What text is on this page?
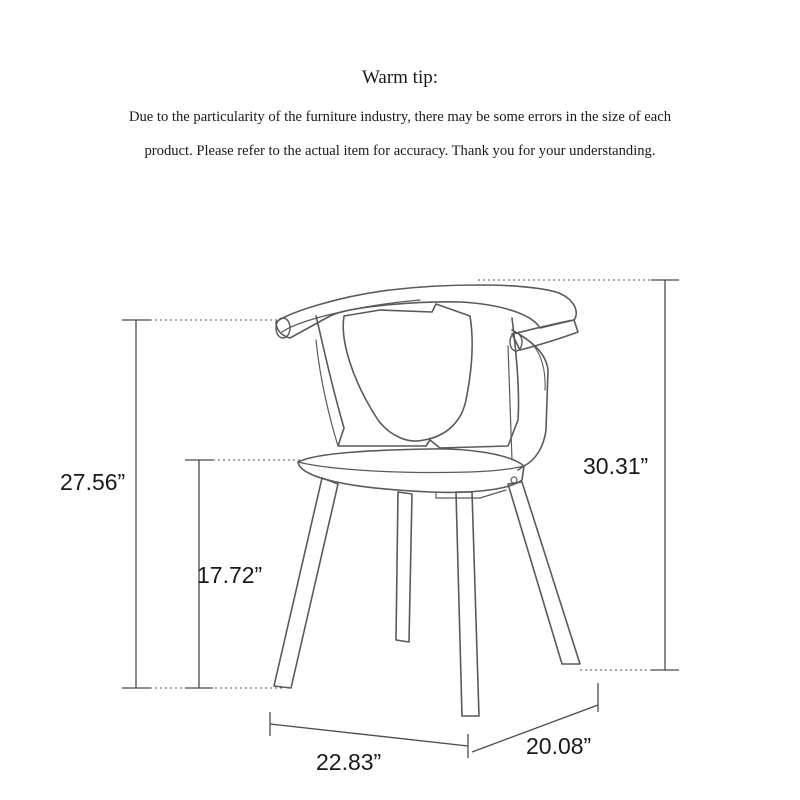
Warm tip:
Due to the particularity of the furniture industry, there may be some errors in the size of each
product. Please refer to the actual item for accuracy. Thank you for your understanding.
27.56”
17.72”
30.31”
22.83”
20.08”
